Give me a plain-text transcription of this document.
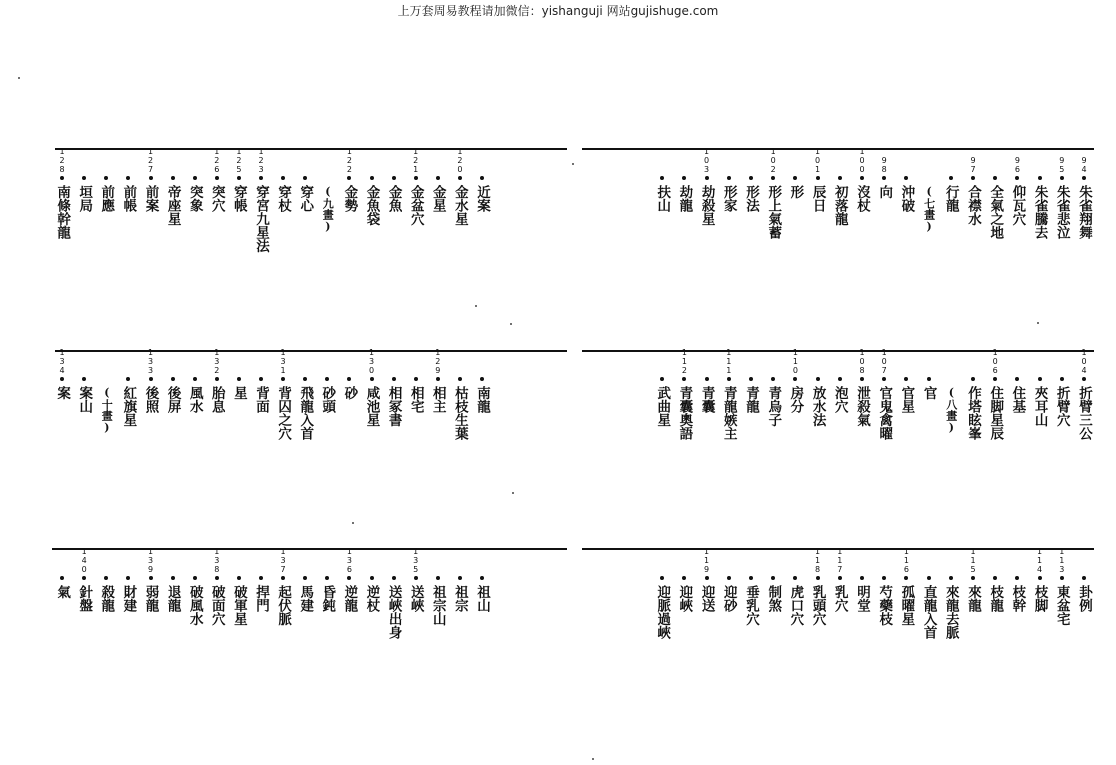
上万套周易教程请加微信：yishanguji 网站gujishuge.com
近案
1
2
0
金水星
金星
1
2
1
金盆穴
金魚
金魚袋
1
2
2
金勢
(九畫)
穿心
穿杖
1
2
3
穿宮九星法
1
2
5
穿帳
1
2
6
突穴
突象
帝座星
1
2
7
前案
前帳
前應
垣局
1
2
8
南條幹龍
南龍
枯枝生葉
1
2
9
相主
相宅
相冢書
1
3
0
咸池星
砂
砂頭
飛龍入首
1
3
1
背囚之穴
背面
星
1
3
2
胎息
風水
後屏
1
3
3
後照
紅旗星
(十畫)
案山
1
3
4
案
祖山
祖宗
祖宗山
1
3
5
送峽
送峽出身
逆杖
1
3
6
逆龍
昏鈍
馬建
1
3
7
起伏脈
捍門
破軍星
1
3
8
破面穴
破風水
退龍
1
3
9
弱龍
財建
殺龍
1
4
0
針盤
氣
9
4
朱雀翔舞
9
5
朱雀悲泣
朱雀騰去
9
6
仰瓦穴
全氣之地
9
7
合襟水
行龍
(七畫)
沖破
9
8
向
1
0
0
沒杖
初落龍
1
0
1
辰日
形
1
0
2
形上氣蓄
形法
形家
1
0
3
劫殺星
劫龍
扶山
1
0
4
折臂三公
折臂穴
夾耳山
住基
1
0
6
住脚星辰
作塔眩峯
(八畫)
官
官星
1
0
7
官鬼禽曜
1
0
8
泄殺氣
泡穴
放水法
1
1
0
房分
青烏子
青龍
1
1
1
青龍嫉主
青囊
1
1
2
青囊奧語
武曲星
卦例
1
1
3
東盆宅
1
1
4
枝脚
枝幹
枝龍
1
1
5
來龍
來龍去脈
直龍入首
1
1
6
孤曜星
芍藥枝
明堂
1
1
7
乳穴
1
1
8
乳頭穴
虎口穴
制煞
垂乳穴
迎砂
1
1
9
迎送
迎峽
迎脈過峽
